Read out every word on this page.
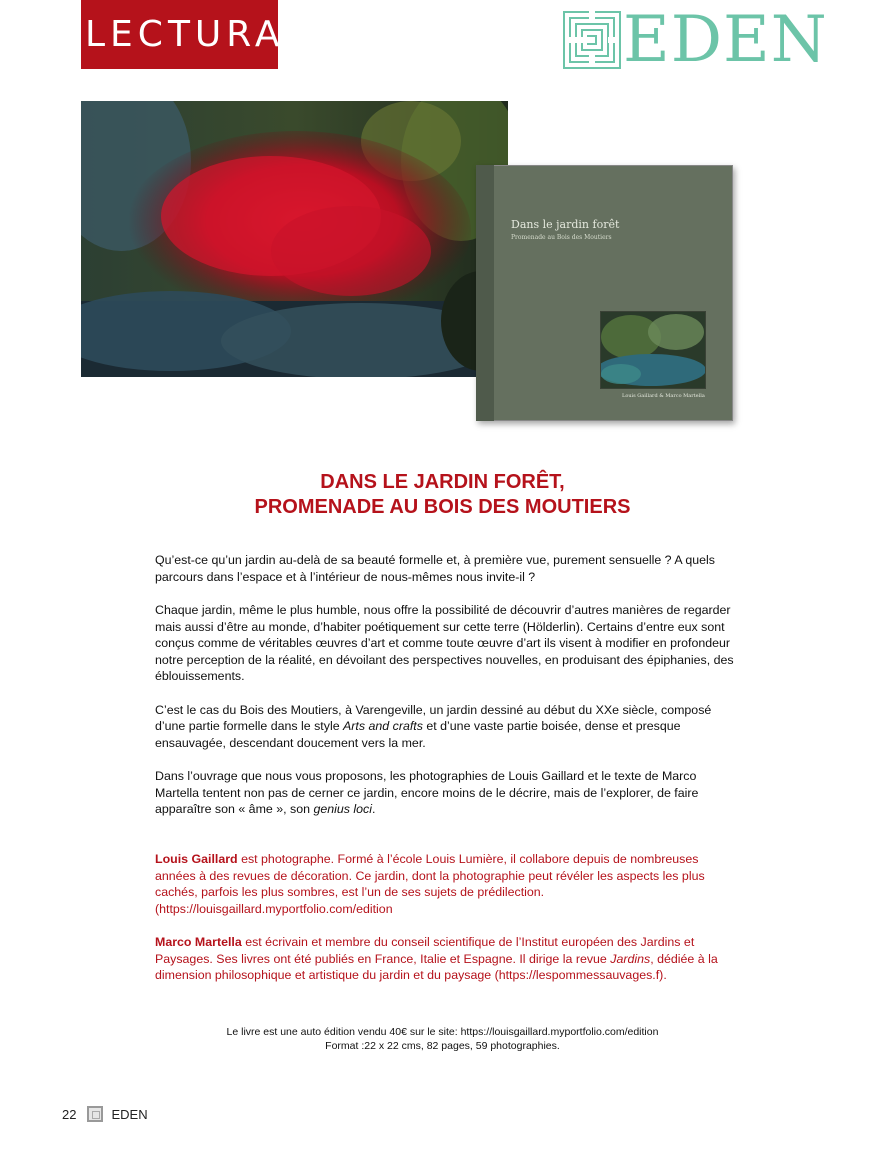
LECTURA	EDEN
Dans le jardin forêt
Promenade au Bois des Moutiers
Louis Gaillard & Marco Martella
DANS LE JARDIN FORÊT,
PROMENADE AU BOIS DES MOUTIERS

Qu’est-ce qu’un jardin au-delà de sa beauté formelle et, à première vue, purement sensuelle ? A quels parcours dans l’espace et à l’intérieur de nous-mêmes nous invite-il ?

Chaque jardin, même le plus humble, nous offre la possibilité de découvrir d’autres manières de regarder mais aussi d’être au monde, d’habiter poétiquement sur cette terre (Hölderlin). Certains d’entre eux sont conçus comme de véritables œuvres d’art et comme toute œuvre d’art ils visent à modifier en profondeur notre perception de la réalité, en dévoilant des perspectives nouvelles, en produisant des épiphanies, des éblouissements.

C’est le cas du Bois des Moutiers, à Varengeville, un jardin dessiné au début du XXe siècle, composé d’une partie formelle dans le style Arts and crafts et d’une vaste partie boisée, dense et presque ensauvagée, descendant doucement vers la mer.

Dans l’ouvrage que nous vous proposons, les photographies de Louis Gaillard et le texte de Marco Martella tentent non pas de cerner ce jardin, encore moins de le décrire, mais de l’explorer, de faire apparaître son « âme », son genius loci.

Louis Gaillard est photographe. Formé à l’école Louis Lumière, il collabore depuis de nombreuses années à des revues de décoration. Ce jardin, dont la photographie peut révéler les aspects les plus cachés, parfois les plus sombres, est l’un de ses sujets de prédilection. (https://louisgaillard.myportfolio.com/edition

Marco Martella est écrivain et membre du conseil scientifique de l’Institut européen des Jardins et Paysages. Ses livres ont été publiés en France, Italie et Espagne. Il dirige la revue Jardins, dédiée à la dimension philosophique et artistique du jardin et du paysage (https://lespommessauvages.f).

Le livre est une auto édition vendu 40€ sur le site: https://louisgaillard.myportfolio.com/edition
Format :22 x 22 cms, 82 pages, 59 photographies.
22	EDEN
